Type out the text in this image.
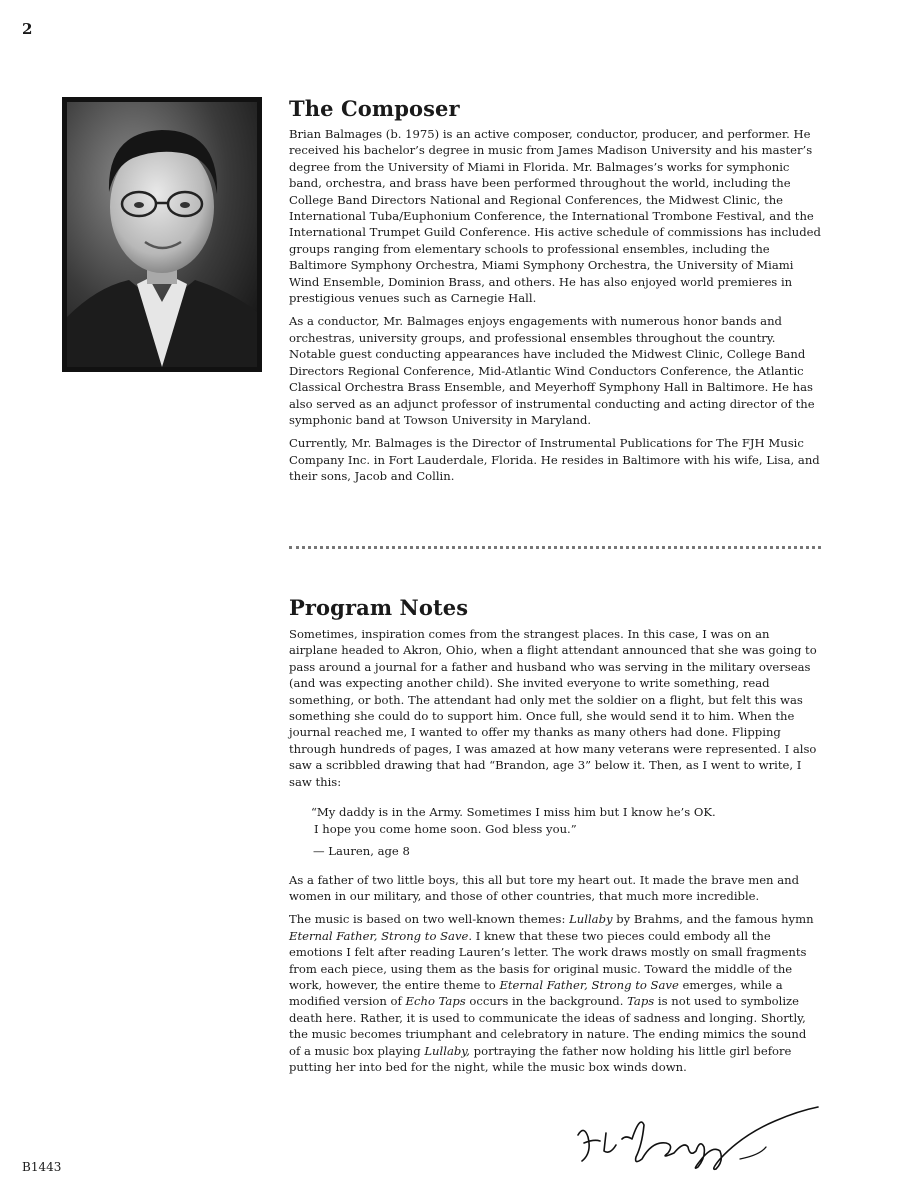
2
The Composer

Brian Balmages (b. 1975) is an active composer, conductor, producer, and performer. He received his bachelor’s degree in music from James Madison University and his master’s degree from the University of Miami in Florida. Mr. Balmages’s works for symphonic band, orchestra, and brass have been performed throughout the world, including the College Band Directors National and Regional Conferences, the Midwest Clinic, the International Tuba/Euphonium Conference, the International Trombone Festival, and the International Trumpet Guild Conference. His active schedule of commissions has included groups ranging from elementary schools to professional ensembles, including the Baltimore Symphony Orchestra, Miami Symphony Orchestra, the University of Miami Wind Ensemble, Dominion Brass, and others. He has also enjoyed world premieres in prestigious venues such as Carnegie Hall.

As a conductor, Mr. Balmages enjoys engagements with numerous honor bands and orchestras, university groups, and professional ensembles throughout the country. Notable guest conducting appearances have included the Midwest Clinic, College Band Directors Regional Conference, Mid-Atlantic Wind Conductors Conference, the Atlantic Classical Orchestra Brass Ensemble, and Meyerhoff Symphony Hall in Baltimore. He has also served as an adjunct professor of instrumental conducting and acting director of the symphonic band at Towson University in Maryland.

Currently, Mr. Balmages is the Director of Instrumental Publications for The FJH Music Company Inc. in Fort Lauderdale, Florida. He resides in Baltimore with his wife, Lisa, and their sons, Jacob and Collin.

Program Notes

Sometimes, inspiration comes from the strangest places. In this case, I was on an airplane headed to Akron, Ohio, when a flight attendant announced that she was going to pass around a journal for a father and husband who was serving in the military overseas (and was expecting another child). She invited everyone to write something, read something, or both. The attendant had only met the soldier on a flight, but felt this was something she could do to support him. Once full, she would send it to him. When the journal reached me, I wanted to offer my thanks as many others had done. Flipping through hundreds of pages, I was amazed at how many veterans were represented. I also saw a scribbled drawing that had “Brandon, age 3” below it. Then, as I went to write, I saw this:

“My daddy is in the Army. Sometimes I miss him but I know he’s OK.
I hope you come home soon. God bless you.”
— Lauren, age 8

As a father of two little boys, this all but tore my heart out. It made the brave men and women in our military, and those of other countries, that much more incredible.

The music is based on two well-known themes: Lullaby by Brahms, and the famous hymn Eternal Father, Strong to Save. I knew that these two pieces could embody all the emotions I felt after reading Lauren’s letter. The work draws mostly on small fragments from each piece, using them as the basis for original music. Toward the middle of the work, however, the entire theme to Eternal Father, Strong to Save emerges, while a modified version of Echo Taps occurs in the background. Taps is not used to symbolize death here. Rather, it is used to communicate the ideas of sadness and longing. Shortly, the music becomes triumphant and celebratory in nature. The ending mimics the sound of a music box playing Lullaby, portraying the father now holding his little girl before putting her into bed for the night, while the music box winds down.

B1443
